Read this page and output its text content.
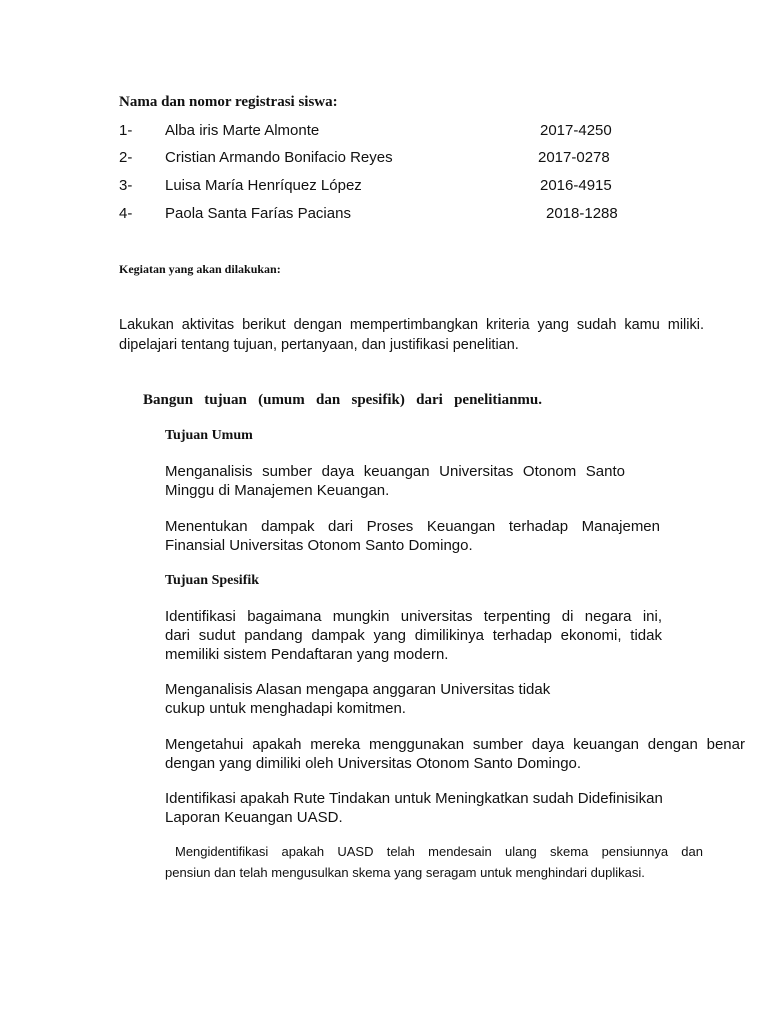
Nama dan nomor registrasi siswa:
1- Alba iris Marte Almonte	2017-4250
2- Cristian Armando Bonifacio Reyes	2017-0278
3- Luisa María Henríquez López	2016-4915
4- Paola Santa Farías Pacians	2018-1288
Kegiatan yang akan dilakukan:
Lakukan aktivitas berikut dengan mempertimbangkan kriteria yang sudah kamu miliki.
dipelajari tentang tujuan, pertanyaan, dan justifikasi penelitian.
Bangun tujuan (umum dan spesifik) dari penelitianmu.
Tujuan Umum
Menganalisis sumber daya keuangan Universitas Otonom Santo
Minggu di Manajemen Keuangan.
Menentukan dampak dari Proses Keuangan terhadap Manajemen
Finansial Universitas Otonom Santo Domingo.
Tujuan Spesifik
Identifikasi bagaimana mungkin universitas terpenting di negara ini,
dari sudut pandang dampak yang dimilikinya terhadap ekonomi, tidak
memiliki sistem Pendaftaran yang modern.
Menganalisis Alasan mengapa anggaran Universitas tidak
cukup untuk menghadapi komitmen.
Mengetahui apakah mereka menggunakan sumber daya keuangan dengan benar
dengan yang dimiliki oleh Universitas Otonom Santo Domingo.
Identifikasi apakah Rute Tindakan untuk Meningkatkan sudah Didefinisikan
Laporan Keuangan UASD.
Mengidentifikasi apakah UASD telah mendesain ulang skema pensiunnya dan
pensiun dan telah mengusulkan skema yang seragam untuk menghindari duplikasi.
